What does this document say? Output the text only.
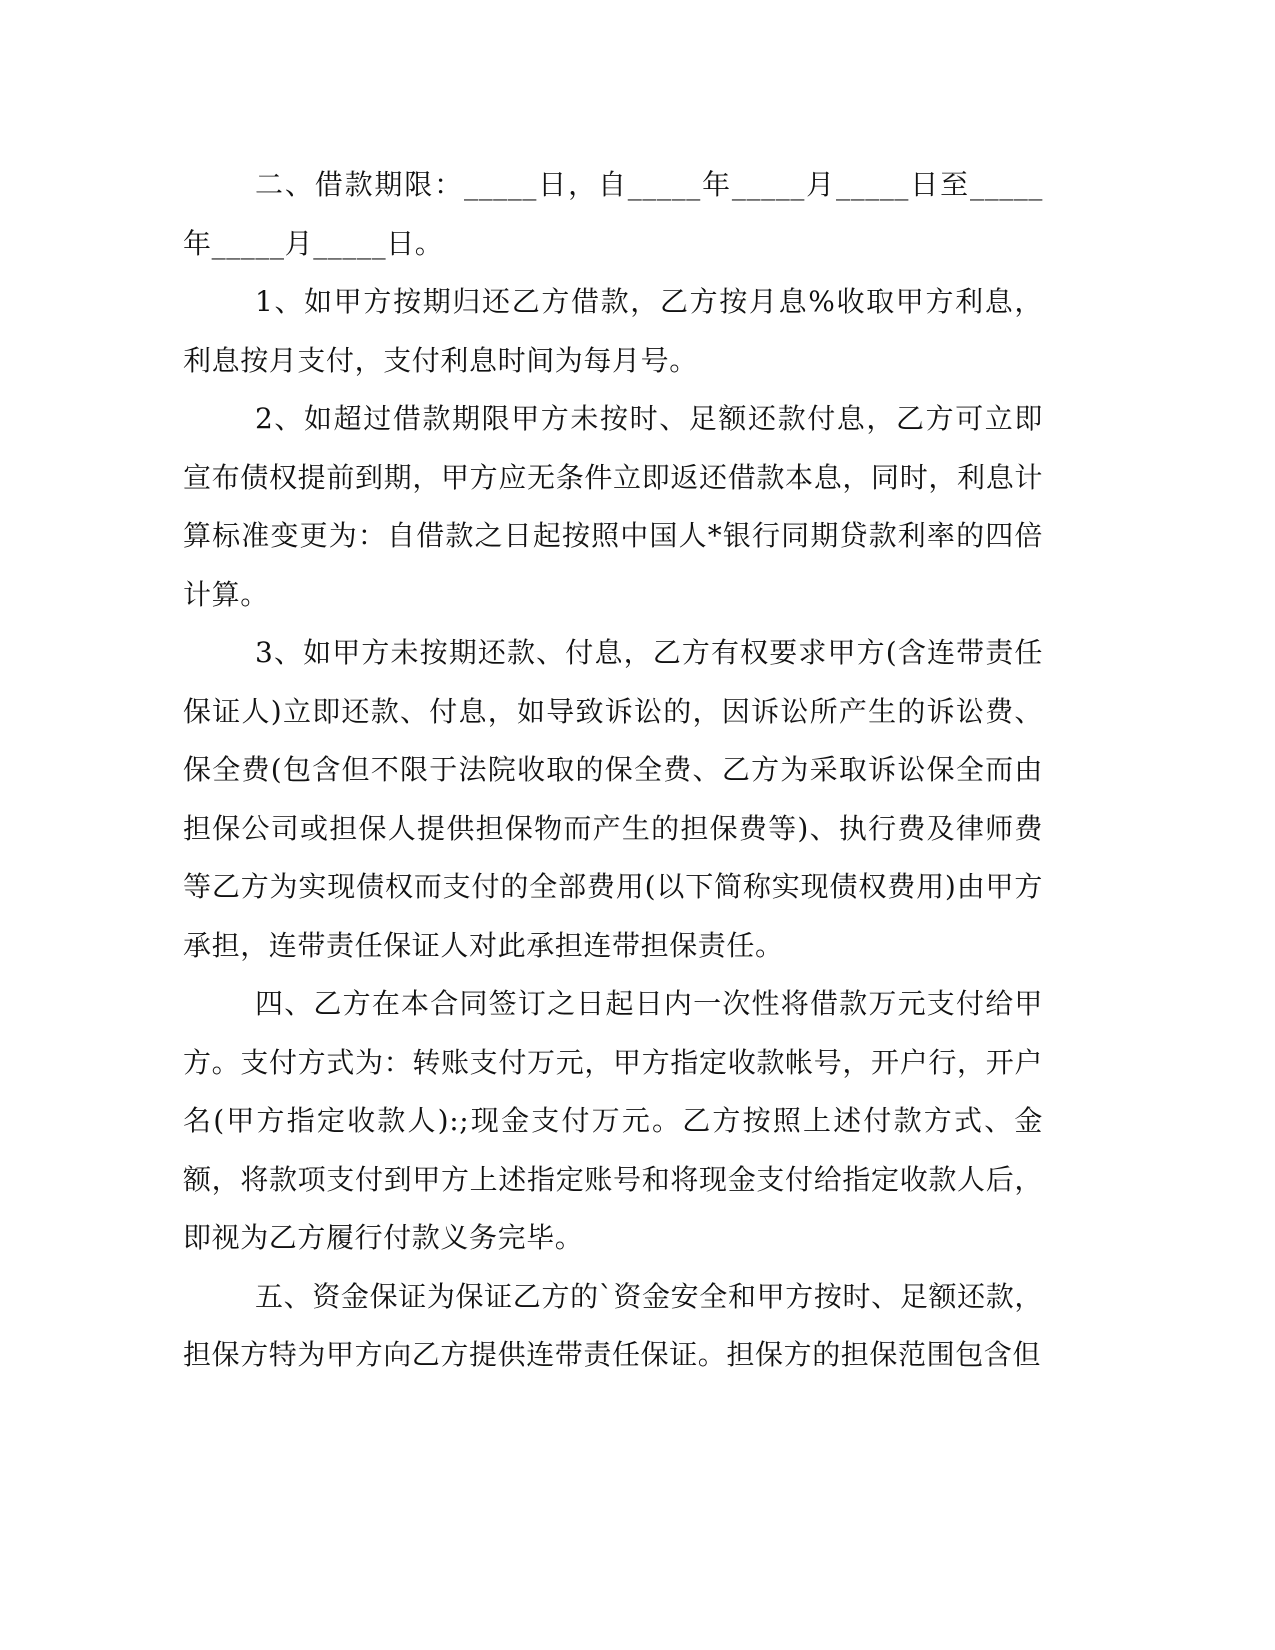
二、借款期限：_____日，自_____年_____月_____日至_____年_____月_____日。

1、如甲方按期归还乙方借款，乙方按月息%收取甲方利息，利息按月支付，支付利息时间为每月号。

2、如超过借款期限甲方未按时、足额还款付息，乙方可立即宣布债权提前到期，甲方应无条件立即返还借款本息，同时，利息计算标准变更为：自借款之日起按照中国人*银行同期贷款利率的四倍计算。

3、如甲方未按期还款、付息，乙方有权要求甲方(含连带责任保证人)立即还款、付息，如导致诉讼的，因诉讼所产生的诉讼费、保全费(包含但不限于法院收取的保全费、乙方为采取诉讼保全而由担保公司或担保人提供担保物而产生的担保费等)、执行费及律师费等乙方为实现债权而支付的全部费用(以下简称实现债权费用)由甲方承担，连带责任保证人对此承担连带担保责任。

四、乙方在本合同签订之日起日内一次性将借款万元支付给甲方。支付方式为：转账支付万元，甲方指定收款帐号，开户行，开户名(甲方指定收款人):;现金支付万元。乙方按照上述付款方式、金额，将款项支付到甲方上述指定账号和将现金支付给指定收款人后，即视为乙方履行付款义务完毕。

五、资金保证为保证乙方的`资金安全和甲方按时、足额还款，担保方特为甲方向乙方提供连带责任保证。担保方的担保范围包含但
